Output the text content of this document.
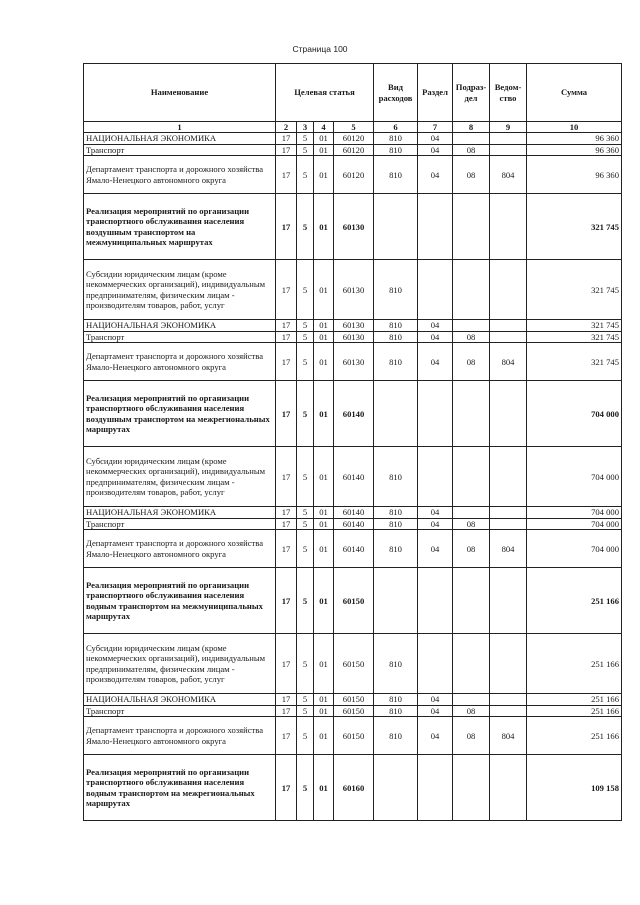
Страница 100
Наименование	Целевая статья				Вид расходов	Раздел	Подраз-дел	Ведом-ство	Сумма
1	2	3	4	5	6	7	8	9	10
НАЦИОНАЛЬНАЯ ЭКОНОМИКА	17	5	01	60120	810	04			96 360
Транспорт	17	5	01	60120	810	04	08		96 360
Департамент транспорта и дорожного хозяйства Ямало-Ненецкого автономного округа	17	5	01	60120	810	04	08	804	96 360
Реализация мероприятий по организации транспортного обслуживания населения воздушным транспортом на межмуниципальных маршрутах	17	5	01	60130					321 745
Субсидии юридическим лицам (кроме некоммерческих организаций), индивидуальным предпринимателям, физическим лицам - производителям товаров, работ, услуг	17	5	01	60130	810				321 745
НАЦИОНАЛЬНАЯ ЭКОНОМИКА	17	5	01	60130	810	04			321 745
Транспорт	17	5	01	60130	810	04	08		321 745
Департамент транспорта и дорожного хозяйства Ямало-Ненецкого автономного округа	17	5	01	60130	810	04	08	804	321 745
Реализация мероприятий по организации транспортного обслуживания населения воздушным транспортом на межрегиональных маршрутах	17	5	01	60140					704 000
Субсидии юридическим лицам (кроме некоммерческих организаций), индивидуальным предпринимателям, физическим лицам - производителям товаров, работ, услуг	17	5	01	60140	810				704 000
НАЦИОНАЛЬНАЯ ЭКОНОМИКА	17	5	01	60140	810	04			704 000
Транспорт	17	5	01	60140	810	04	08		704 000
Департамент транспорта и дорожного хозяйства Ямало-Ненецкого автономного округа	17	5	01	60140	810	04	08	804	704 000
Реализация мероприятий по организации транспортного обслуживания населения водным транспортом на межмуниципальных маршрутах	17	5	01	60150					251 166
Субсидии юридическим лицам (кроме некоммерческих организаций), индивидуальным предпринимателям, физическим лицам - производителям товаров, работ, услуг	17	5	01	60150	810				251 166
НАЦИОНАЛЬНАЯ ЭКОНОМИКА	17	5	01	60150	810	04			251 166
Транспорт	17	5	01	60150	810	04	08		251 166
Департамент транспорта и дорожного хозяйства Ямало-Ненецкого автономного округа	17	5	01	60150	810	04	08	804	251 166
Реализация мероприятий по организации транспортного обслуживания населения водным транспортом на межрегиональных маршрутах	17	5	01	60160					109 158
